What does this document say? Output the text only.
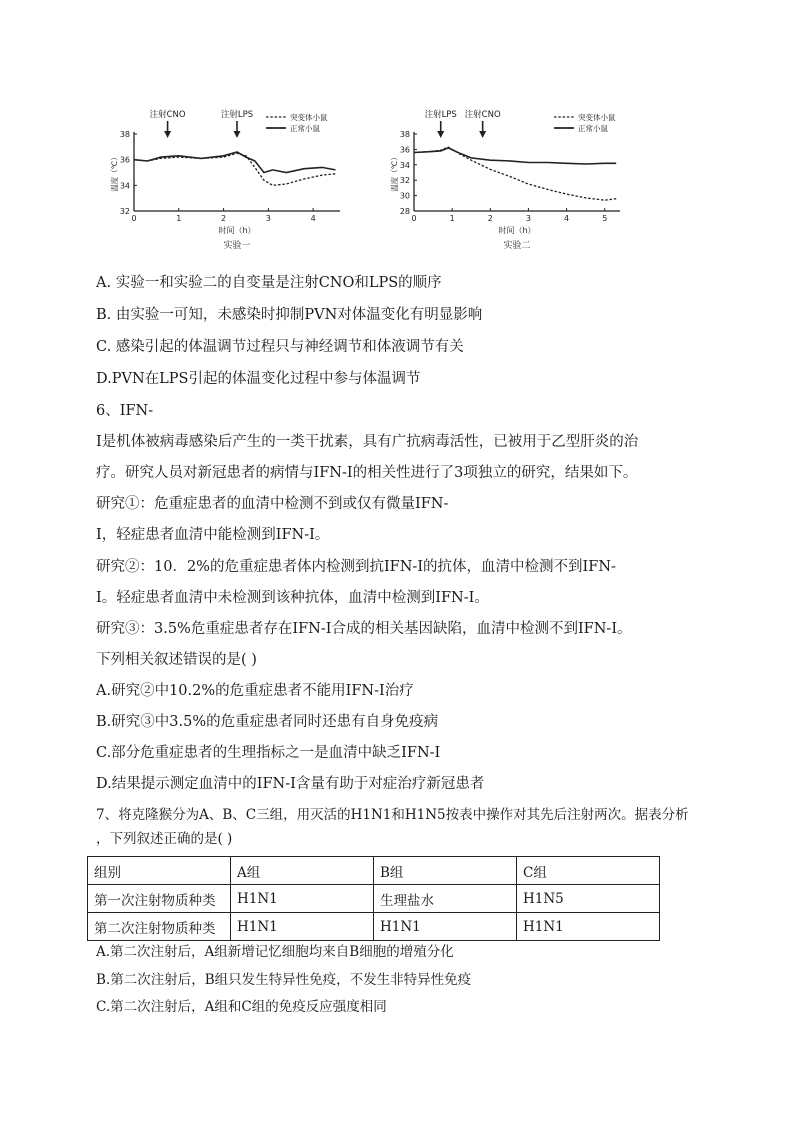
32
34
36
38
0	1	2	3	4
温度（℃）
时间（h）
实验一
注射CNO	注射LPS	突变体小鼠
正常小鼠
28
30
32
34
36
38
0	1	2	3	4	5
温度（℃）
时间（h）
实验二
注射LPS 注射CNO	突变体小鼠
正常小鼠
A. 实验一和实验二的自变量是注射CNO和LPS的顺序
B. 由实验一可知，未感染时抑制PVN对体温变化有明显影响
C. 感染引起的体温调节过程只与神经调节和体液调节有关
D.PVN在LPS引起的体温变化过程中参与体温调节
6、IFN-
I是机体被病毒感染后产生的一类干扰素，具有广抗病毒活性，已被用于乙型肝炎的治
疗。研究人员对新冠患者的病情与IFN-I的相关性进行了3项独立的研究，结果如下。
研究①：危重症患者的血清中检测不到或仅有微量IFN-
I，轻症患者血清中能检测到IFN-I。
研究②：10．2%的危重症患者体内检测到抗IFN-I的抗体，血清中检测不到IFN-
I。轻症患者血清中未检测到该种抗体，血清中检测到IFN-I。
研究③：3.5%危重症患者存在IFN-I合成的相关基因缺陷，血清中检测不到IFN-I。
下列相关叙述错误的是( )
A.研究②中10.2%的危重症患者不能用IFN-I治疗
B.研究③中3.5%的危重症患者同时还患有自身免疫病
C.部分危重症患者的生理指标之一是血清中缺乏IFN-I
D.结果提示测定血清中的IFN-I含量有助于对症治疗新冠患者
7、将克隆猴分为A、B、C三组，用灭活的H1N1和H1N5按表中操作对其先后注射两次。据表分析
，下列叙述正确的是( )
组别	A组	B组	C组
第一次注射物质种类	H1N1	生理盐水	H1N5
第二次注射物质种类	H1N1	H1N1	H1N1
A.第二次注射后，A组新增记忆细胞均来自B细胞的增殖分化
B.第二次注射后，B组只发生特异性免疫，不发生非特异性免疫
C.第二次注射后，A组和C组的免疫反应强度相同
